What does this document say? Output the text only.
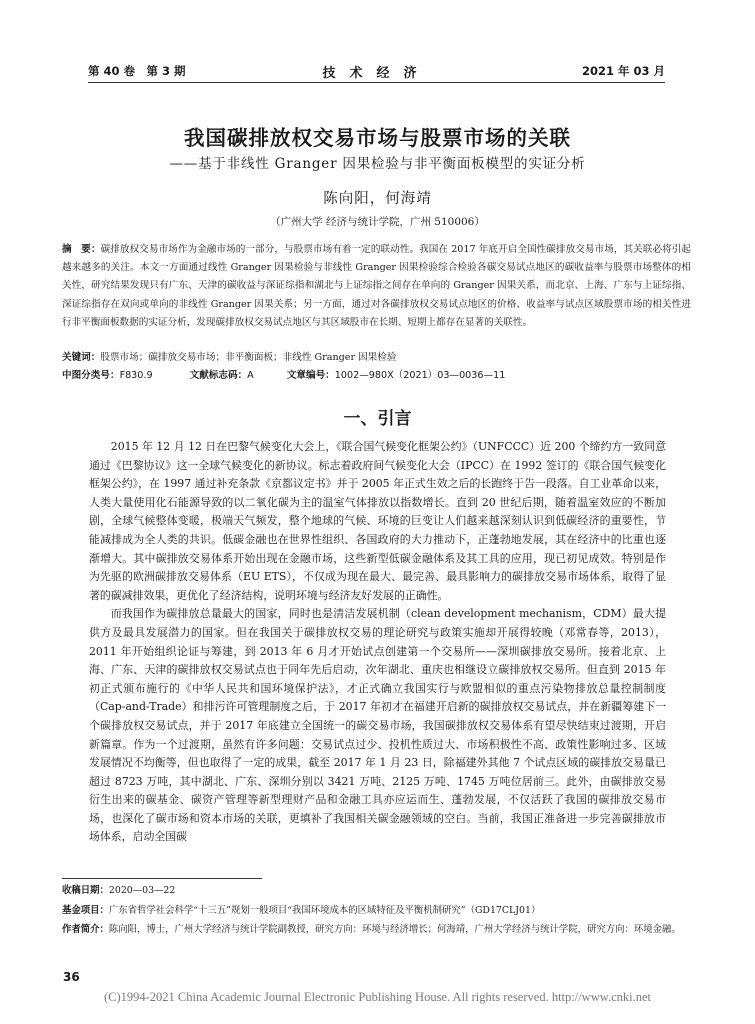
第 40 卷　第 3 期	技术经济	2021 年 03 月
我国碳排放权交易市场与股票市场的关联
——基于非线性 Granger 因果检验与非平衡面板模型的实证分析
陈向阳，何海靖
（广州大学 经济与统计学院，广州 510006）

摘　要：碳排放权交易市场作为金融市场的一部分，与股票市场有着一定的联动性。我国在 2017 年底开启全国性碳排放交易市场，其关联必将引起越来越多的关注。本文一方面通过线性 Granger 因果检验与非线性 Granger 因果检验综合检验各碳交易试点地区的碳收益率与股票市场整体的相关性，研究结果发现只有广东、天津的碳收益与深证综指和湖北与上证综指之间存在单向的 Granger 因果关系，而北京、上海、广东与上证综指、深证综指存在双向或单向的非线性 Granger 因果关系；另一方面，通过对各碳排放权交易试点地区的价格、收益率与试点区域股票市场的相关性进行非平衡面板数据的实证分析，发现碳排放权交易试点地区与其区域股市在长期、短期上都存在显著的关联性。

关键词：股票市场；碳排放交易市场；非平衡面板；非线性 Granger 因果检验

中图分类号：F830.9	文献标志码：A	文章编号：1002—980X（2021）03—0036—11

一、引言

2015 年 12 月 12 日在巴黎气候变化大会上，《联合国气候变化框架公约》（UNFCCC）近 200 个缔约方一致同意通过《巴黎协议》这一全球气候变化的新协议。标志着政府间气候变化大会（IPCC）在 1992 签订的《联合国气候变化框架公约》，在 1997 通过补充条款《京都议定书》并于 2005 年正式生效之后的长跑终于告一段落。自工业革命以来，人类大量使用化石能源导致的以二氧化碳为主的温室气体排放以指数增长。直到 20 世纪后期，随着温室效应的不断加剧，全球气候整体变暖，极端天气频发，整个地球的气候、环境的巨变让人们越来越深刻认识到低碳经济的重要性，节能减排成为全人类的共识。低碳金融也在世界性组织、各国政府的大力推动下，正蓬勃地发展，其在经济中的比重也逐渐增大。其中碳排放交易体系开始出现在金融市场，这些新型低碳金融体系及其工具的应用，现已初见成效。特别是作为先驱的欧洲碳排放交易体系（EU ETS），不仅成为现在最大、最完善、最具影响力的碳排放交易市场体系，取得了显著的碳减排效果，更优化了经济结构，说明环境与经济友好发展的正确性。

而我国作为碳排放总量最大的国家，同时也是清洁发展机制（clean development mechanism，CDM）最大提供方及最具发展潜力的国家。但在我国关于碳排放权交易的理论研究与政策实施却开展得较晚（邓常春等，2013），2011 年开始组织论证与筹建，到 2013 年 6 月才开始试点创建第一个交易所——深圳碳排放交易所。接着北京、上海、广东、天津的碳排放权交易试点也于同年先后启动，次年湖北、重庆也相继设立碳排放权交易所。但直到 2015 年初正式颁布施行的《中华人民共和国环境保护法》，才正式确立我国实行与欧盟相似的重点污染物排放总量控制制度（Cap-and-Trade）和排污许可管理制度之后，于 2017 年初才在福建开启新的碳排放权交易试点，并在新疆筹建下一个碳排放权交易试点，并于 2017 年底建立全国统一的碳交易市场，我国碳排放权交易体系有望尽快结束过渡期，开启新篇章。作为一个过渡期，虽然有许多问题：交易试点过少、投机性质过大、市场积极性不高、政策性影响过多、区域发展情况不均衡等，但也取得了一定的成果，截至 2017 年 1 月 23 日，除福建外其他 7 个试点区域的碳排放交易量已超过 8723 万吨，其中湖北、广东、深圳分别以 3421 万吨、2125 万吨、1745 万吨位居前三。此外，由碳排放交易衍生出来的碳基金、碳资产管理等新型理财产品和金融工具亦应运而生、蓬勃发展，不仅活跃了我国的碳排放交易市场，也深化了碳市场和资本市场的关联，更填补了我国相关碳金融领域的空白。当前，我国正准备进一步完善碳排放市场体系，启动全国碳

收稿日期：2020—03—22

基金项目：广东省哲学社会科学“十三五”规划一般项目“我国环境成本的区域特征及平衡机制研究”（GD17CLJ01）

作者简介：陈向阳，博士，广州大学经济与统计学院副教授，研究方向：环境与经济增长；何海靖，广州大学经济与统计学院，研究方向：环境金融。

36
(C)1994-2021 China Academic Journal Electronic Publishing House. All rights reserved. http://www.cnki.net
